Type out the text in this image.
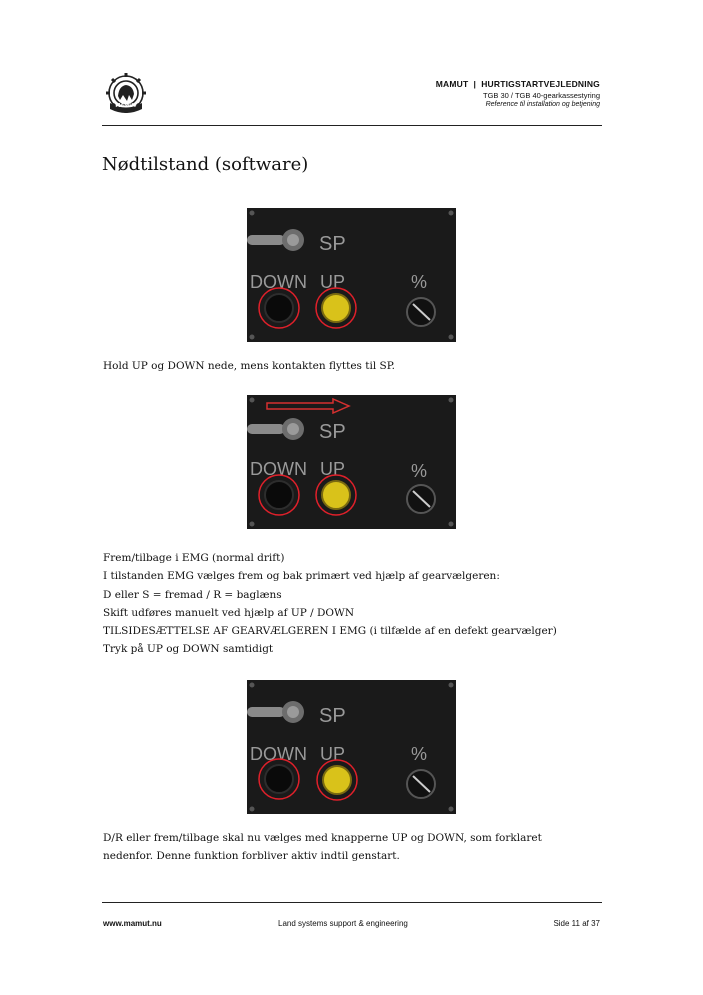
MAMUT
MAMUT  |  HURTIGSTARTVEJLEDNING
TGB 30 / TGB 40-gearkassestyring
Reference til installation og betjening
Nødtilstand (software)
SP
DOWN UP	%
Hold UP og DOWN nede, mens kontakten flyttes til SP.
SP
DOWN UP	%
Frem/tilbage i EMG (normal drift)
I tilstanden EMG vælges frem og bak primært ved hjælp af gearvælgeren:
D eller S = fremad / R = baglæns
Skift udføres manuelt ved hjælp af UP / DOWN
TILSIDESÆTTELSE AF GEARVÆLGEREN I EMG (i tilfælde af en defekt gearvælger)
Tryk på UP og DOWN samtidigt
SP
DOWN UP	%
D/R eller frem/tilbage skal nu vælges med knapperne UP og DOWN, som forklaret
nedenfor. Denne funktion forbliver aktiv indtil genstart.
www.mamut.nu	Land systems support & engineering	Side 11 af 37
